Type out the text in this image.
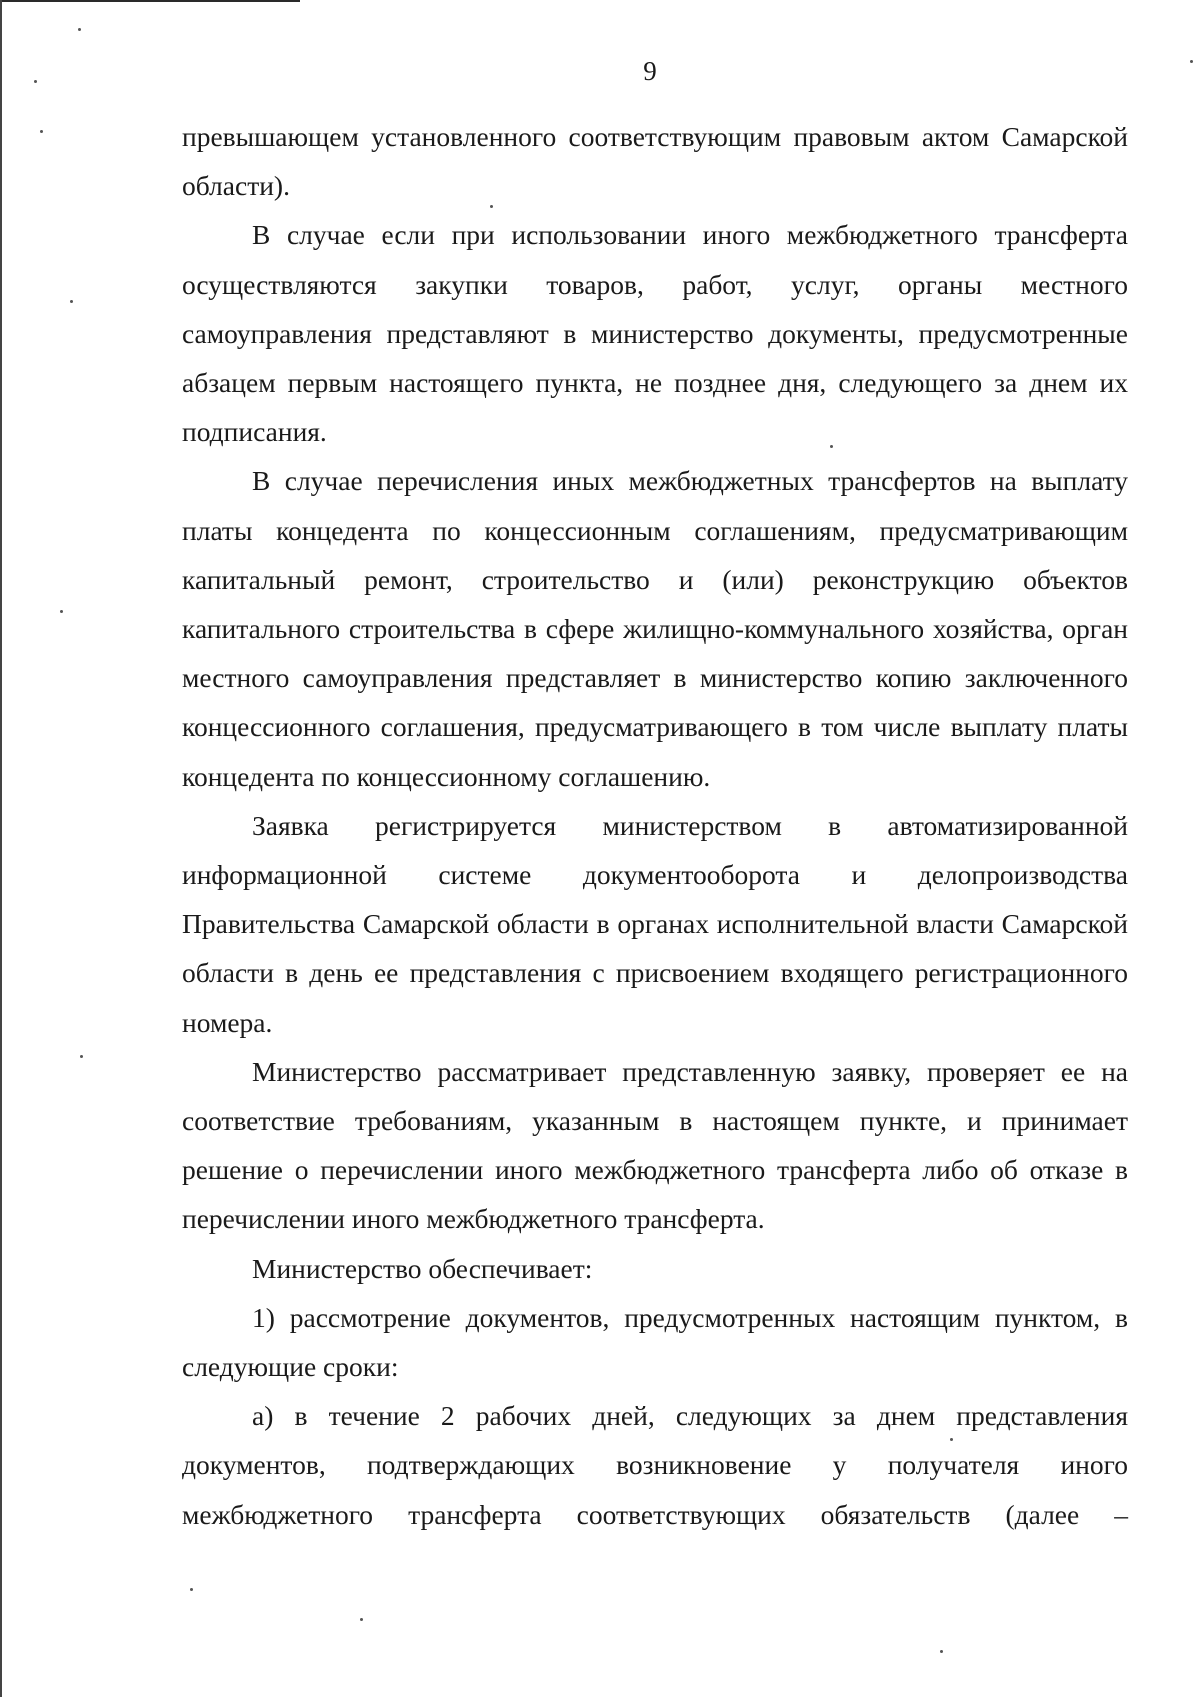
9

превышающем установленного соответствующим правовым актом Самарской области).

В случае если при использовании иного межбюджетного трансферта осуществляются закупки товаров, работ, услуг, органы местного самоуправления представляют в министерство документы, предусмотренные абзацем первым настоящего пункта, не позднее дня, следующего за днем их подписания.

В случае перечисления иных межбюджетных трансфертов на выплату платы концедента по концессионным соглашениям, предусматривающим капитальный ремонт, строительство и (или) реконструкцию объектов капитального строительства в сфере жилищно-коммунального хозяйства, орган местного самоуправления представляет в министерство копию заключенного концессионного соглашения, предусматривающего в том числе выплату платы концедента по концессионному соглашению.

Заявка регистрируется министерством в автоматизированной информационной системе документооборота и делопроизводства Правительства Самарской области в органах исполнительной власти Самарской области в день ее представления с присвоением входящего регистрационного номера.

Министерство рассматривает представленную заявку, проверяет ее на соответствие требованиям, указанным в настоящем пункте, и принимает решение о перечислении иного межбюджетного трансферта либо об отказе в перечислении иного межбюджетного трансферта.

Министерство обеспечивает:

1) рассмотрение документов, предусмотренных настоящим пунктом, в следующие сроки:

а) в течение 2 рабочих дней, следующих за днем представления документов, подтверждающих возникновение у получателя иного межбюджетного трансферта соответствующих обязательств (далее –
